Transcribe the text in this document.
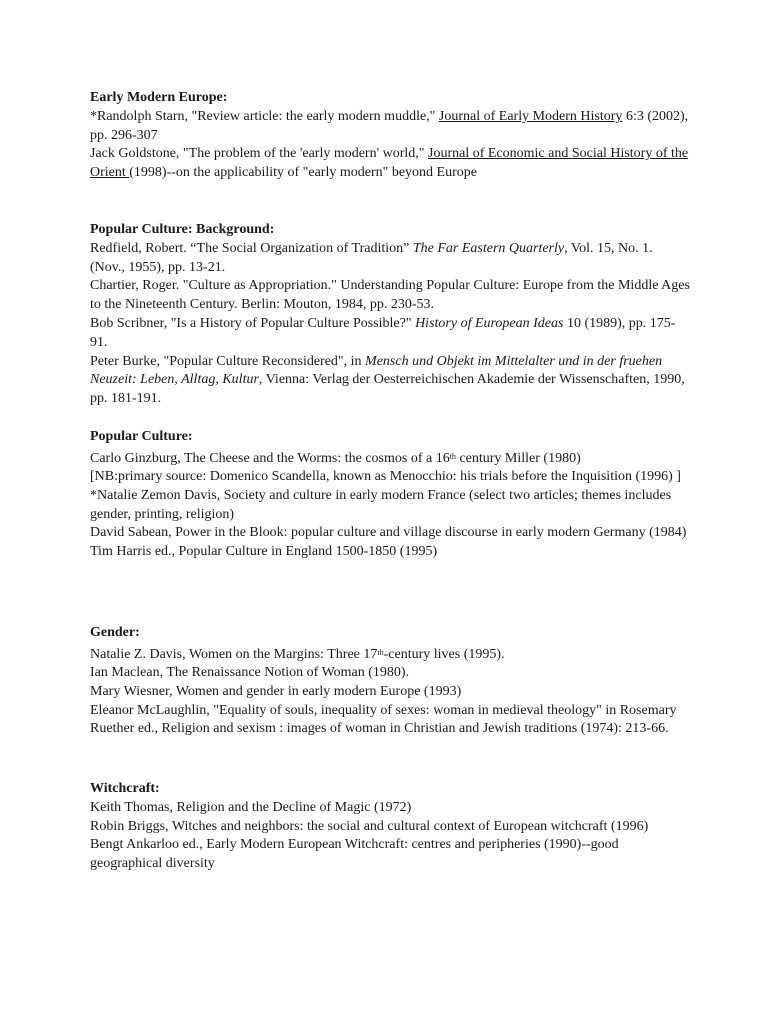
Early Modern Europe:
*Randolph Starn, "Review article: the early modern muddle," Journal of Early Modern History 6:3 (2002), pp. 296-307
Jack Goldstone, "The problem of the 'early modern' world," Journal of Economic and Social History of the Orient (1998)--on the applicability of "early modern" beyond Europe
Popular Culture: Background:
Redfield, Robert. “The Social Organization of Tradition” The Far Eastern Quarterly, Vol. 15, No. 1. (Nov., 1955), pp. 13-21.
Chartier, Roger. "Culture as Appropriation." Understanding Popular Culture: Europe from the Middle Ages to the Nineteenth Century. Berlin: Mouton, 1984, pp. 230-53.
Bob Scribner, "Is a History of Popular Culture Possible?" History of European Ideas 10 (1989), pp. 175-91.
Peter Burke, "Popular Culture Reconsidered", in Mensch und Objekt im Mittelalter und in der fruehen Neuzeit: Leben, Alltag, Kultur, Vienna: Verlag der Oesterreichischen Akademie der Wissenschaften, 1990, pp. 181-191.
Popular Culture:
Carlo Ginzburg, The Cheese and the Worms: the cosmos of a 16th century Miller (1980)
[NB:primary source: Domenico Scandella, known as Menocchio: his trials before the Inquisition (1996) ]
*Natalie Zemon Davis, Society and culture in early modern France (select two articles; themes includes gender, printing, religion)
David Sabean, Power in the Blook: popular culture and village discourse in early modern Germany (1984)
Tim Harris ed., Popular Culture in England 1500-1850 (1995)
Gender:
Natalie Z. Davis, Women on the Margins: Three 17th-century lives (1995).
Ian Maclean, The Renaissance Notion of Woman (1980).
Mary Wiesner, Women and gender in early modern Europe (1993)
Eleanor McLaughlin, "Equality of souls, inequality of sexes: woman in medieval theology" in Rosemary Ruether ed., Religion and sexism : images of woman in Christian and Jewish traditions (1974): 213-66.
Witchcraft:
Keith Thomas, Religion and the Decline of Magic (1972)
Robin Briggs, Witches and neighbors: the social and cultural context of European witchcraft (1996)
Bengt Ankarloo ed., Early Modern European Witchcraft: centres and peripheries (1990)--good geographical diversity
